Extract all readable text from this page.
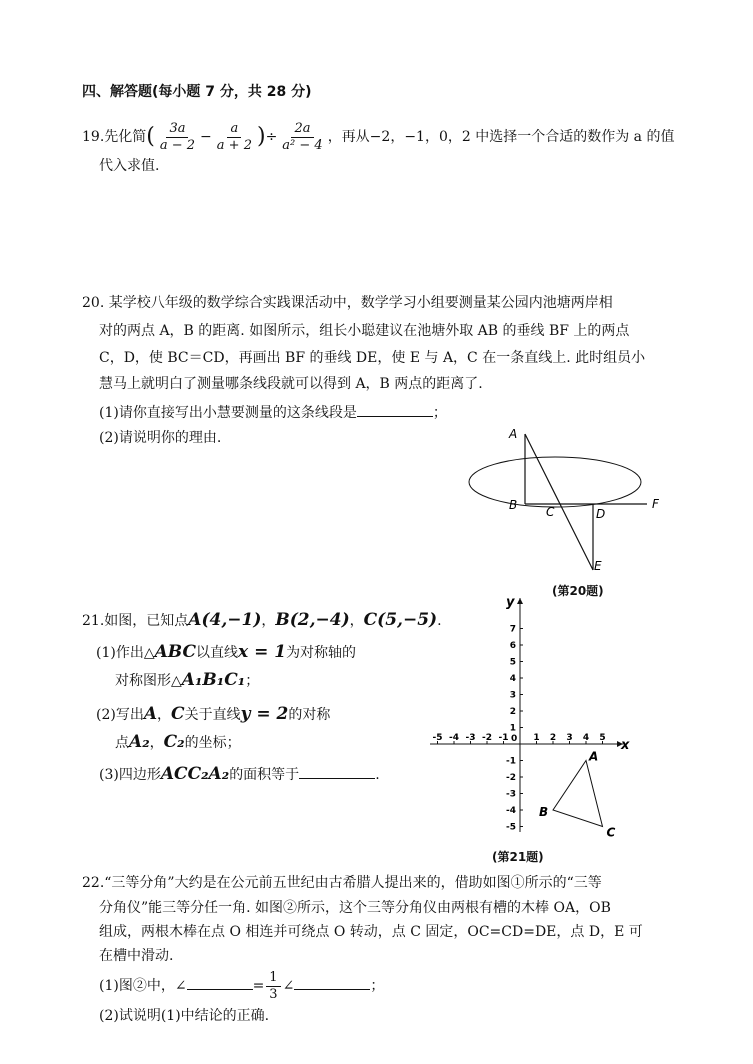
四、解答题(每小题 7 分，共 28 分)
19.先化简( $\frac{3a}{a - 2} - \frac{a}{a + 2}$ )÷ $\frac{2a}{\text{a² − 4}}$ ，再从−2，−1，0，2 中选择一个合适的数作为 a 的值
代入求值.
20. 某学校八年级的数学综合实践课活动中，数学学习小组要测量某公园内池塘两岸相
对的两点 A，B 的距离. 如图所示，组长小聪建议在池塘外取 AB 的垂线 BF 上的两点
C，D，使 BC＝CD，再画出 BF 的垂线 DE，使 E 与 A，C 在一条直线上. 此时组员小
慧马上就明白了测量哪条线段就可以得到 A，B 两点的距离了.
(1)请你直接写出小慧要测量的这条线段是	；
(2)请说明你的理由.	A
B C	D
F
E
(第20题)
21.如图，已知点A(4,−1)，B(2,−4)，C(5,−5).
(1)作出△ABC以直线x = 1为对称轴的
对称图形△A₁B₁C₁；
(2)写出A，C关于直线y = 2的对称
点A₂，C₂的坐标；
(3)四边形ACC₂A₂的面积等于	.
x
y
-5 -4 -3 -2 -1 0 1 2 3 4 5
-5
-4
-3
-2
-1
1
2
3
4
5
6
7
A
B
C
(第21题)
22.“三等分角”大约是在公元前五世纪由古希腊人提出来的，借助如图①所示的“三等
分角仪”能三等分任一角. 如图②所示，这个三等分角仪由两根有槽的木棒 OA，OB
组成，两根木棒在点 O 相连并可绕点 O 转动，点 C 固定，OC=CD=DE，点 D，E 可
在槽中滑动.
(1)图②中，∠	= $\frac{1}{3}$ ∠	；
(2)试说明(1)中结论的正确.
